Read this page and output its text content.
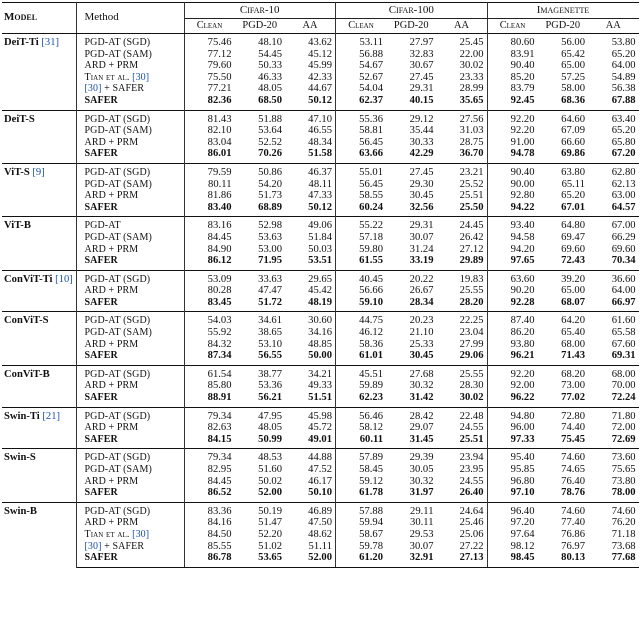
Model	Method	Cifar-10			Cifar-100			Imagenette		
		Clean	PGD-20	AA	Clean	PGD-20	AA	Clean	PGD-20	AA
DeiT-Ti [31]	PGD-AT (SGD)	75.46	48.10	43.62	53.11	27.97	25.45	80.60	56.00	53.80
	PGD-AT (SAM)	77.12	54.45	45.12	56.88	32.83	22.00	83.91	65.42	65.20
	ARD + PRM	79.60	50.33	45.99	54.67	30.67	30.02	90.40	65.00	64.00
	Tian et al. [30]	75.50	46.33	42.33	52.67	27.45	23.33	85.20	57.25	54.89
	[30] + SAFER	77.21	48.05	44.67	54.04	29.31	28.99	83.79	58.00	56.38
	SAFER	82.36	68.50	50.12	62.37	40.15	35.65	92.45	68.36	67.88
DeiT-S	PGD-AT (SGD)	81.43	51.88	47.10	55.36	29.12	27.56	92.20	64.60	63.40
	PGD-AT (SAM)	82.10	53.64	46.55	58.81	35.44	31.03	92.20	67.09	65.20
	ARD + PRM	83.04	52.52	48.34	56.45	30.33	28.75	91.00	66.60	65.80
	SAFER	86.01	70.26	51.58	63.66	42.29	36.70	94.78	69.86	67.20
ViT-S [9]	PGD-AT (SGD)	79.59	50.86	46.37	55.01	27.45	23.21	90.40	63.80	62.80
	PGD-AT (SAM)	80.11	54.20	48.11	56.45	29.30	25.52	90.00	65.11	62.13
	ARD + PRM	81.86	51.73	47.33	58.55	30.45	25.51	92.80	65.20	63.00
	SAFER	83.40	68.89	50.12	60.24	32.56	25.50	94.22	67.01	64.57
ViT-B	PGD-AT	83.16	52.98	49.06	55.22	29.31	24.45	93.40	64.80	67.00
	PGD-AT (SAM)	84.45	53.63	51.84	57.18	30.07	26.42	94.58	69.47	66.29
	ARD + PRM	84.90	53.00	50.03	59.80	31.24	27.12	94.20	69.60	69.60
	SAFER	86.12	71.95	53.51	61.55	33.19	29.89	97.65	72.43	70.34
ConViT-Ti [10]	PGD-AT (SGD)	53.09	33.63	29.65	40.45	20.22	19.83	63.60	39.20	36.60
	ARD + PRM	80.28	47.47	45.42	56.66	26.67	25.55	90.20	65.00	64.00
	SAFER	83.45	51.72	48.19	59.10	28.34	28.20	92.28	68.07	66.97
ConViT-S	PGD-AT (SGD)	54.03	34.61	30.60	44.75	20.23	22.25	87.40	64.20	61.60
	PGD-AT (SAM)	55.92	38.65	34.16	46.12	21.10	23.04	86.20	65.40	65.58
	ARD + PRM	84.32	53.10	48.85	58.36	25.33	27.99	93.80	68.00	67.60
	SAFER	87.34	56.55	50.00	61.01	30.45	29.06	96.21	71.43	69.31
ConViT-B	PGD-AT (SGD)	61.54	38.77	34.21	45.51	27.68	25.55	92.20	68.20	68.00
	ARD + PRM	85.80	53.36	49.33	59.89	30.32	28.30	92.00	73.00	70.00
	SAFER	88.91	56.21	51.51	62.23	31.42	30.02	96.22	77.02	72.24
Swin-Ti [21]	PGD-AT (SGD)	79.34	47.95	45.98	56.46	28.42	22.48	94.80	72.80	71.80
	ARD + PRM	82.63	48.05	45.72	58.12	29.07	24.55	96.00	74.40	72.00
	SAFER	84.15	50.99	49.01	60.11	31.45	25.51	97.33	75.45	72.69
Swin-S	PGD-AT (SGD)	79.34	48.53	44.88	57.89	29.39	23.94	95.40	74.60	73.60
	PGD-AT (SAM)	82.95	51.60	47.52	58.45	30.05	23.95	95.85	74.65	75.65
	ARD + PRM	84.45	50.02	46.17	59.12	30.32	24.55	96.80	76.40	73.80
	SAFER	86.52	52.00	50.10	61.78	31.97	26.40	97.10	78.76	78.00
Swin-B	PGD-AT (SGD)	83.36	50.19	46.89	57.88	29.11	24.64	96.40	74.60	74.60
	ARD + PRM	84.16	51.47	47.50	59.94	30.11	25.46	97.20	77.40	76.20
	Tian et al. [30]	84.50	52.20	48.62	58.67	29.53	25.06	97.64	76.86	71.18
	[30] + SAFER	85.55	51.02	51.11	59.78	30.07	27.22	98.12	76.97	73.68
	SAFER	86.78	53.65	52.00	61.20	32.91	27.13	98.45	80.13	77.68
